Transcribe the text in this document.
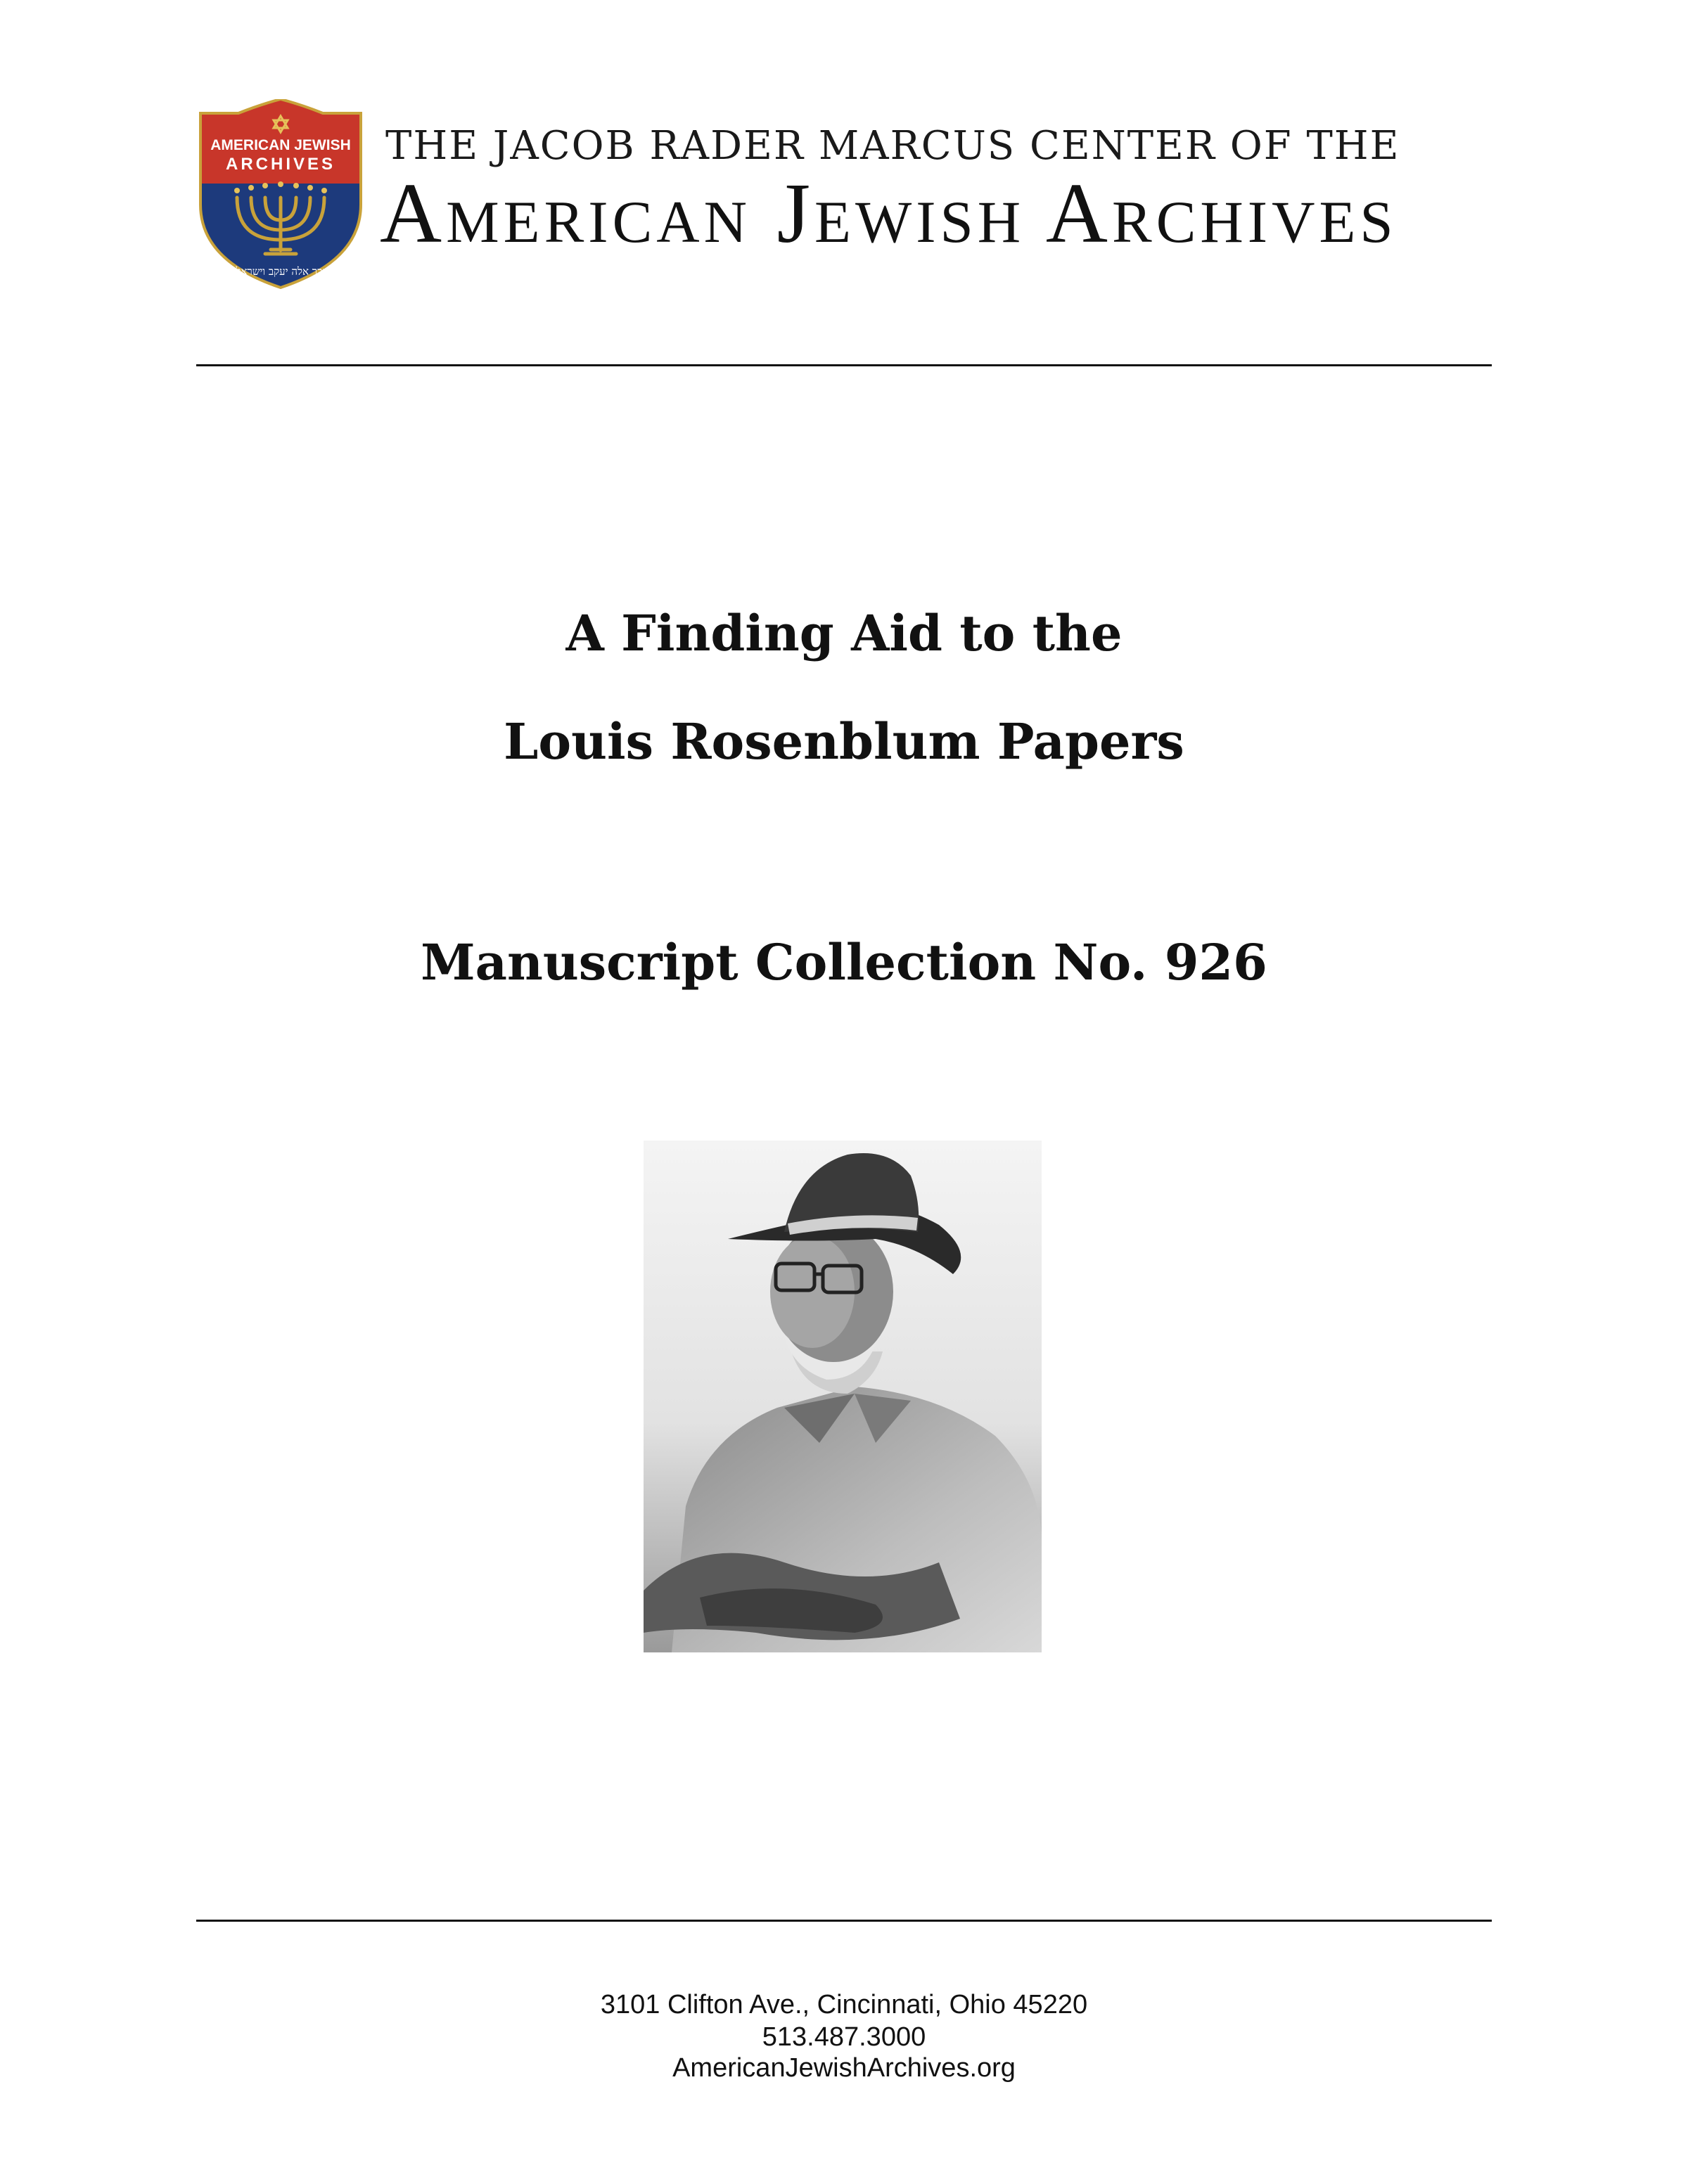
AMERICAN JEWISH
ARCHIVES
זכר אלה יעקב וישראל
THE JACOB RADER MARCUS CENTER OF THE
American Jewish Archives
A Finding Aid to the
Louis Rosenblum Papers
Manuscript Collection No. 926
3101 Clifton Ave., Cincinnati, Ohio 45220
513.487.3000
AmericanJewishArchives.org
